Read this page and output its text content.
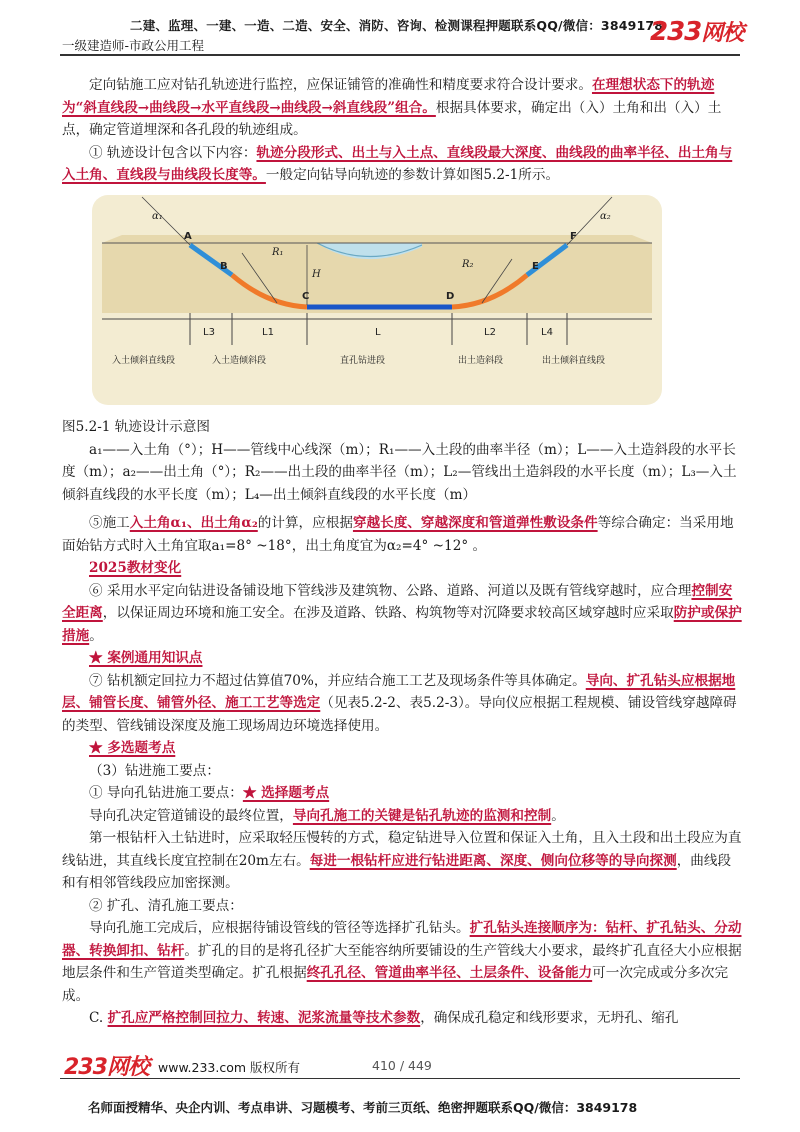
二建、监理、一建、一造、二造、安全、消防、咨询、检测课程押题联系QQ/微信：3849178
一级建造师-市政公用工程	233网校

定向钻施工应对钻孔轨迹进行监控，应保证铺管的准确性和精度要求符合设计要求。在理想状态下的轨迹为“斜直线段→曲线段→水平直线段→曲线段→斜直线段”组合。根据具体要求，确定出（入）土角和出（入）土点，确定管道埋深和各孔段的轨迹组成。

① 轨迹设计包含以下内容：轨迹分段形式、出土与入土点、直线段最大深度、曲线段的曲率半径、出土角与入土角、直线段与曲线段长度等。一般定向钻导向轨迹的参数计算如图5.2-1所示。

A
B
C	D
E
F
α₁	α₂
R₁
R₂
H
L3	L1	L	L2	L4
入土倾斜直线段	入土造倾斜段	直孔钻进段	出土造斜段	出土倾斜直线段

图5.2-1 轨迹设计示意图

a₁——入土角（°）；H——管线中心线深（m）；R₁——入土段的曲率半径（m）；L——入土造斜段的水平长度（m）；a₂——出土角（°）；R₂——出土段的曲率半径（m）；L₂—管线出土造斜段的水平长度（m）；L₃—入土倾斜直线段的水平长度（m）；L₄—出土倾斜直线段的水平长度（m）

⑤施工入土角α₁、出土角α₂的计算，应根据穿越长度、穿越深度和管道弹性敷设条件等综合确定：当采用地面始钻方式时入土角宜取a₁=8° ~18°，出土角度宜为α₂=4° ~12° 。

2025教材变化

⑥ 采用水平定向钻进设备铺设地下管线涉及建筑物、公路、道路、河道以及既有管线穿越时，应合理控制安全距离，以保证周边环境和施工安全。在涉及道路、铁路、构筑物等对沉降要求较高区域穿越时应采取防护或保护措施。

★ 案例通用知识点

⑦ 钻机额定回拉力不超过估算值70%，并应结合施工工艺及现场条件等具体确定。导向、扩孔钻头应根据地层、铺管长度、铺管外径、施工工艺等选定（见表5.2-2、表5.2-3）。导向仪应根据工程规模、铺设管线穿越障碍的类型、管线铺设深度及施工现场周边环境选择使用。

★ 多选题考点

（3）钻进施工要点：

① 导向孔钻进施工要点：★ 选择题考点

导向孔决定管道铺设的最终位置，导向孔施工的关键是钻孔轨迹的监测和控制。

第一根钻杆入土钻进时，应采取轻压慢转的方式，稳定钻进导入位置和保证入土角，且入土段和出土段应为直线钻进，其直线长度宜控制在20m左右。每进一根钻杆应进行钻进距离、深度、侧向位移等的导向探测，曲线段和有相邻管线段应加密探测。

② 扩孔、清孔施工要点：

导向孔施工完成后，应根据待铺设管线的管径等选择扩孔钻头。扩孔钻头连接顺序为：钻杆、扩孔钻头、分动器、转换卸扣、钻杆。扩孔的目的是将孔径扩大至能容纳所要铺设的生产管线大小要求，最终扩孔直径大小应根据地层条件和生产管道类型确定。扩孔根据终孔孔径、管道曲率半径、土层条件、设备能力可一次完成或分多次完成。

C. 扩孔应严格控制回拉力、转速、泥浆流量等技术参数，确保成孔稳定和线形要求，无坍孔、缩孔

233网校 www.233.com 版权所有	410 / 449
名师面授精华、央企内训、考点串讲、习题模考、考前三页纸、绝密押题联系QQ/微信：3849178
